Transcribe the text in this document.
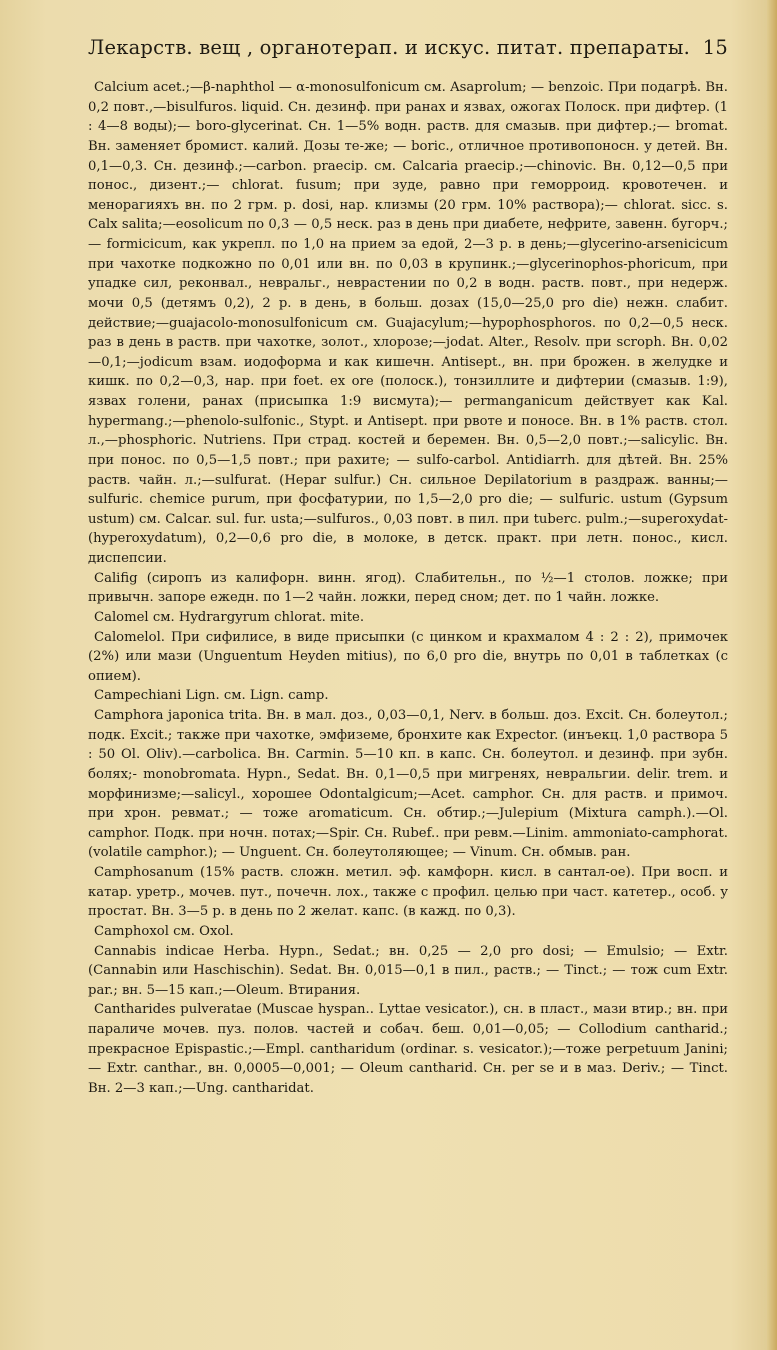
Лекарств. вещ , органотерап. и искус. питат. препараты. 15

Calcium acet.;—β-naphthol — α-monosulfonicum см. Asaprolum; — benzoic. При подагрѣ. Вн. 0,2 повт.,—bisulfuros. liquid. Сн. дезинф. при ранах и язвах, ожогах Полоск. при дифтер. (1 : 4—8 воды);— boro-glycerinat. Сн. 1—5% водн. раств. для смазыв. при дифтер.;— bromat. Вн. заменяет бромист. калий. Дозы те-же; — boric., отличное противопоносн. у детей. Вн. 0,1—0,3. Сн. дезинф.;—carbon. praecip. см. Calcaria praecip.;—chinovic. Вн. 0,12—0,5 при понос., дизент.;— chlorat. fusum; при зуде, равно при геморроид. кровотечен. и менорагияхъ вн. по 2 грм. р. dosi, нар. клизмы (20 грм. 10% раствора);— chlorat. sicc. s. Calx salita;—eosolicum по 0,3 — 0,5 неск. раз в день при диабете, нефрите, завенн. бугорч.;— formicicum, как укрепл. по 1,0 на прием за едой, 2—3 р. в день;—glycerino-arsenicicum при чахотке подкожно по 0,01 или вн. по 0,03 в крупинк.;—glycerinophos-phoricum, при упадке сил, реконвал., невральг., неврастении по 0,2 в водн. раств. повт., при недерж. мочи 0,5 (детямъ 0,2), 2 р. в день, в больш. дозах (15,0—25,0 pro die) нежн. слабит. действие;—guajacolo-monosulfonicum см. Guajacylum;—hypophosphoros. по 0,2—0,5 неск. раз в день в раств. при чахотке, золот., хлорозе;—jodat. Alter., Resolv. при scroph. Вн. 0,02—0,1;—jodicum взам. иодоформа и как кишечн. Antisept., вн. при брожен. в желудке и кишк. по 0,2—0,3, нар. при foet. ex ore (полоск.), тонзиллите и дифтерии (смазыв. 1:9), язвах голени, ранах (присыпка 1:9 висмута);— permanganicum действует как Kal. hypermang.;—phenolo-sulfonic., Stypt. и Antisept. при рвоте и поносе. Вн. в 1% раств. стол. л.,—phosphoric. Nutriens. При страд. костей и беремен. Вн. 0,5—2,0 повт.;—salicylic. Вн. при понос. по 0,5—1,5 повт.; при рахите; — sulfo-carbol. Antidiarrh. для дѣтей. Вн. 25% раств. чайн. л.;—sulfurat. (Hepar sulfur.) Сн. сильное Depilatorium в раздраж. ванны;—sulfuric. chemice purum, при фосфатурии, по 1,5—2,0 pro die; — sulfuric. ustum (Gypsum ustum) см. Calcar. sul. fur. usta;—sulfuros., 0,03 повт. в пил. при tuberc. pulm.;—superoxydat-(hyperoxydatum), 0,2—0,6 pro die, в молоке, в детск. практ. при летн. понос., кисл. диспепсии.

Califig (сиропъ из калифорн. винн. ягод). Слабительн., по ½—1 столов. ложке; при привычн. запоре ежедн. по 1—2 чайн. ложки, перед сном; дет. по 1 чайн. ложке.

Calomel см. Hydrargyrum chlorat. mite.

Calomelol. При сифилисе, в виде присыпки (с цинком и крахмалом 4 : 2 : 2), примочек (2%) или мази (Unguentum Heyden mitius), по 6,0 pro die, внутрь по 0,01 в таблетках (с опием).

Campechiani Lign. см. Lign. camp.

Camphora japonica trita. Вн. в мал. доз., 0,03—0,1, Nerv. в больш. доз. Excit. Сн. болеутол.; подк. Excit.; также при чахотке, эмфиземе, бронхите как Expector. (инъекц. 1,0 раствора 5 : 50 Ol. Oliv).—carbolica. Вн. Carmin. 5—10 кп. в капс. Сн. болеутол. и дезинф. при зубн. болях;- monobromata. Hypn., Sedat. Вн. 0,1—0,5 при мигренях, невральгии. delir. trem. и морфинизме;—salicyl., хорошее Odontalgicum;—Acet. camphor. Сн. для раств. и примоч. при хрон. ревмат.; — тоже aromaticum. Сн. обтир.;—Julepium (Mixtura camph.).—Ol. camphor. Подк. при ночн. потах;—Spir. Сн. Rubef.. при ревм.—Linim. ammoniato-camphorat. (volatile camphor.); — Unguent. Сн. болеутоляющее; — Vinum. Сн. обмыв. ран.

Camphosanum (15% раств. сложн. метил. эф. камфорн. кисл. в сантал-ое). При восп. и катар. уретр., мочев. пут., почечн. лох., также с профил. целью при част. катетер., особ. у простат. Вн. 3—5 р. в день по 2 желат. капс. (в кажд. по 0,3).

Camphoxol см. Oxol.

Cannabis indicae Herba. Hypn., Sedat.; вн. 0,25 — 2,0 pro dosi; — Emulsio; — Extr. (Cannabin или Haschischin). Sedat. Вн. 0,015—0,1 в пил., раств.; — Tinct.; — тож cum Extr. par.; вн. 5—15 кап.;—Oleum. Втирания.

Cantharides pulveratae (Muscae hyspan.. Lyttae vesicator.), сн. в пласт., мази втир.; вн. при параличе мочев. пуз. полов. частей и собач. беш. 0,01—0,05; — Collodium cantharid.; прекрасное Epispastic.;—Empl. cantharidum (ordinar. s. vesicator.);—тоже perpetuum Janini; — Extr. canthar., вн. 0,0005—0,001; — Oleum cantharid. Сн. per se и в маз. Deriv.; — Tinct. Вн. 2—3 кап.;—Ung. cantharidat.
